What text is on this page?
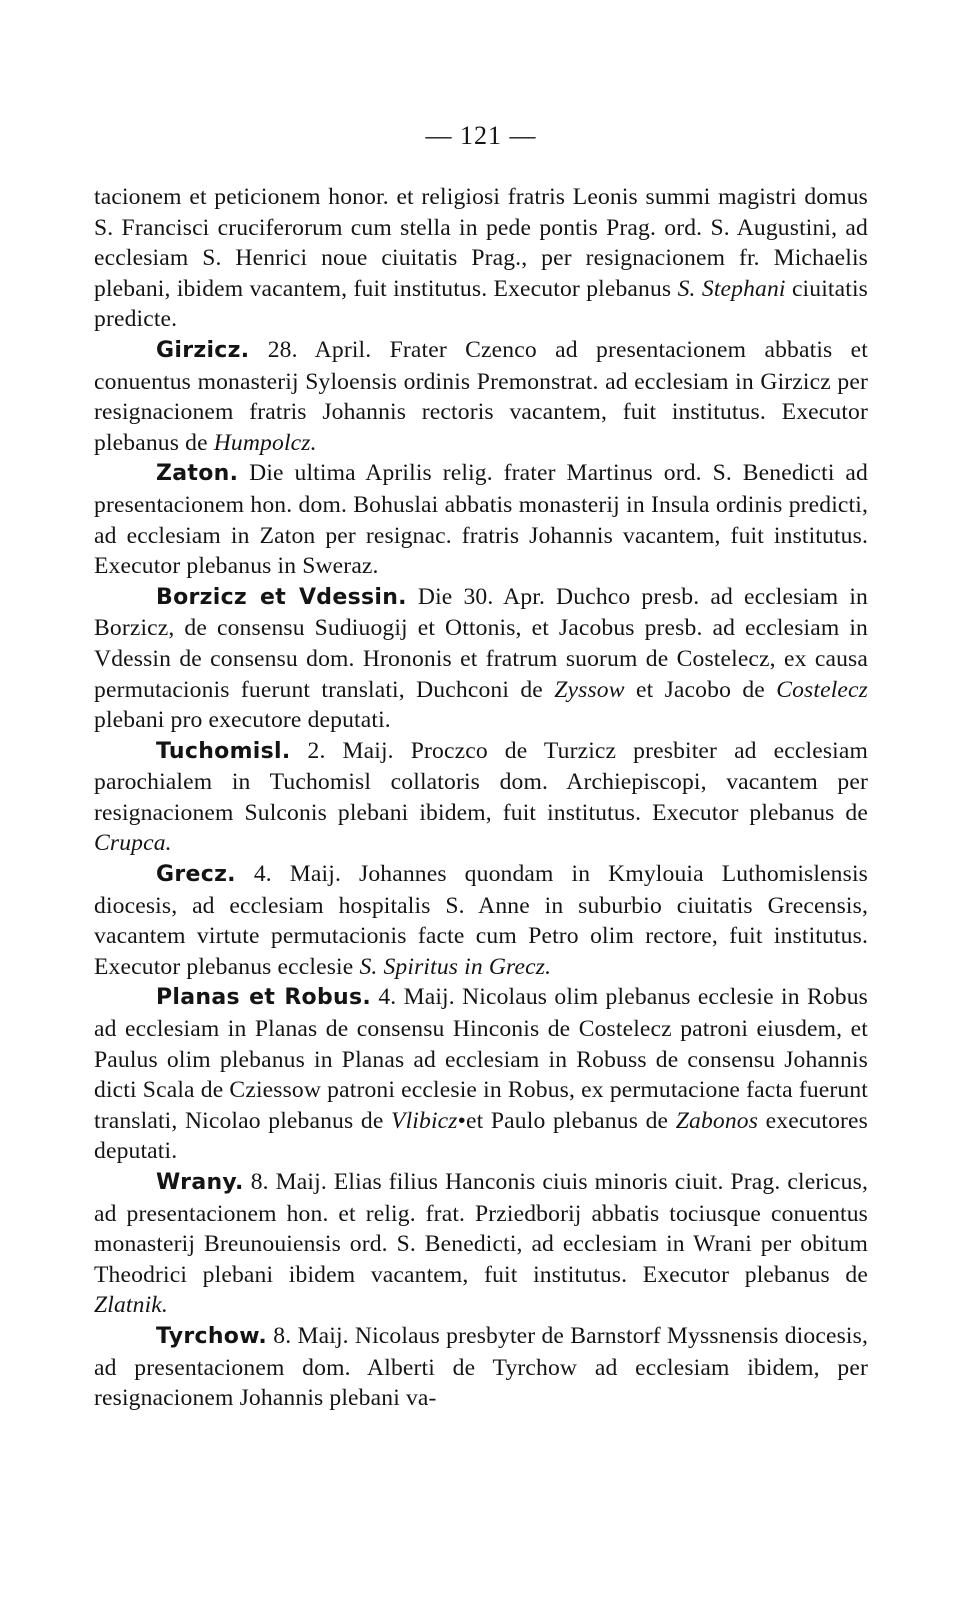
— 121 —

tacionem et peticionem honor. et religiosi fratris Leonis summi magistri domus S. Francisci cruciferorum cum stella in pede pontis Prag. ord. S. Augustini, ad ecclesiam S. Henrici noue ciuitatis Prag., per resignacionem fr. Michaelis plebani, ibidem vacantem, fuit institutus. Executor plebanus S. Stephani ciuitatis predicte.

Girzicz. 28. April. Frater Czenco ad presentacionem abbatis et conuentus monasterij Syloensis ordinis Premonstrat. ad ecclesiam in Girzicz per resignacionem fratris Johannis rectoris vacantem, fuit institutus. Executor plebanus de Humpolcz.

Zaton. Die ultima Aprilis relig. frater Martinus ord. S. Benedicti ad presentacionem hon. dom. Bohuslai abbatis monasterij in Insula ordinis predicti, ad ecclesiam in Zaton per resignac. fratris Johannis vacantem, fuit institutus. Executor plebanus in Sweraz.

Borzicz et Vdessin. Die 30. Apr. Duchco presb. ad ecclesiam in Borzicz, de consensu Sudiuogij et Ottonis, et Jacobus presb. ad ecclesiam in Vdessin de consensu dom. Hrononis et fratrum suorum de Costelecz, ex causa permutacionis fuerunt translati, Duchconi de Zyssow et Jacobo de Costelecz plebani pro executore deputati.

Tuchomisl. 2. Maij. Proczco de Turzicz presbiter ad ecclesiam parochialem in Tuchomisl collatoris dom. Archiepiscopi, vacantem per resignacionem Sulconis plebani ibidem, fuit institutus. Executor plebanus de Crupca.

Grecz. 4. Maij. Johannes quondam in Kmylouia Luthomislensis diocesis, ad ecclesiam hospitalis S. Anne in suburbio ciuitatis Grecensis, vacantem virtute permutacionis facte cum Petro olim rectore, fuit institutus. Executor plebanus ecclesie S. Spiritus in Grecz.

Planas et Robus. 4. Maij. Nicolaus olim plebanus ecclesie in Robus ad ecclesiam in Planas de consensu Hinconis de Costelecz patroni eiusdem, et Paulus olim plebanus in Planas ad ecclesiam in Robuss de consensu Johannis dicti Scala de Cziessow patroni ecclesie in Robus, ex permutacione facta fuerunt translati, Nicolao plebanus de Vlibicz•et Paulo plebanus de Zabonos executores deputati.

Wrany. 8. Maij. Elias filius Hanconis ciuis minoris ciuit. Prag. clericus, ad presentacionem hon. et relig. frat. Prziedborij abbatis tociusque conuentus monasterij Breunouiensis ord. S. Benedicti, ad ecclesiam in Wrani per obitum Theodrici plebani ibidem vacantem, fuit institutus. Executor plebanus de Zlatnik.

Tyrchow. 8. Maij. Nicolaus presbyter de Barnstorf Myssnensis diocesis, ad presentacionem dom. Alberti de Tyrchow ad ecclesiam ibidem, per resignacionem Johannis plebani va-
